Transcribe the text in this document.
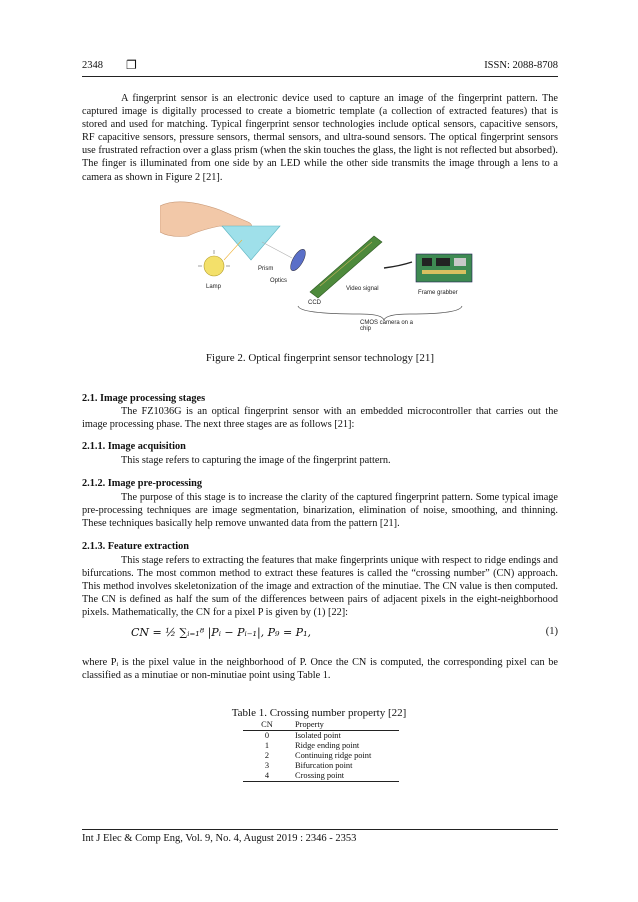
2348 ❐	ISSN: 2088-8708

A fingerprint sensor is an electronic device used to capture an image of the fingerprint pattern. The captured image is digitally processed to create a biometric template (a collection of extracted features) that is stored and used for matching. Typical fingerprint sensor technologies include optical sensors, capacitive sensors, RF capacitive sensors, pressure sensors, thermal sensors, and ultra-sound sensors. The optical fingerprint sensors use frustrated refraction over a glass prism (when the skin touches the glass, the light is not reflected but absorbed). The finger is illuminated from one side by an LED while the other side transmits the image through a lens to a camera as shown in Figure 2 [21].

Lamp
Prism
Optics
CCD
Video signal
Frame grabber
CMOS camera on a chip
Figure 2. Optical fingerprint sensor technology [21]
2.1. Image processing stages

The FZ1036G is an optical fingerprint sensor with an embedded microcontroller that carries out the image processing phase. The next three stages are as follows [21]:

2.1.1. Image acquisition

This stage refers to capturing the image of the fingerprint pattern.

2.1.2. Image pre-processing

The purpose of this stage is to increase the clarity of the captured fingerprint pattern. Some typical image pre-processing techniques are image segmentation, binarization, elimination of noise, smoothing, and thinning. These techniques basically help remove unwanted data from the pattern [21].

2.1.3. Feature extraction

This stage refers to extracting the features that make fingerprints unique with respect to ridge endings and bifurcations. The most common method to extract these features is called the “crossing number” (CN) approach. This method involves skeletonization of the image and extraction of the minutiae. The CN value is then computed. The CN is defined as half the sum of the differences between pairs of adjacent pixels in the eight-neighborhood pixels. Mathematically, the CN for a pixel P is given by (1) [22]:

CN = ½ ∑ᵢ₌₁⁸ |Pᵢ − Pᵢ₋₁|, P₉ = P₁,	(1)

where Pᵢ is the pixel value in the neighborhood of P. Once the CN is computed, the corresponding pixel can be classified as a minutiae or non-minutiae point using Table 1.

Table 1. Crossing number property [22]
CN	Property
0	Isolated point
1	Ridge ending point
2	Continuing ridge point
3	Bifurcation point
4	Crossing point
Int J Elec & Comp Eng, Vol. 9, No. 4, August 2019 : 2346 - 2353
